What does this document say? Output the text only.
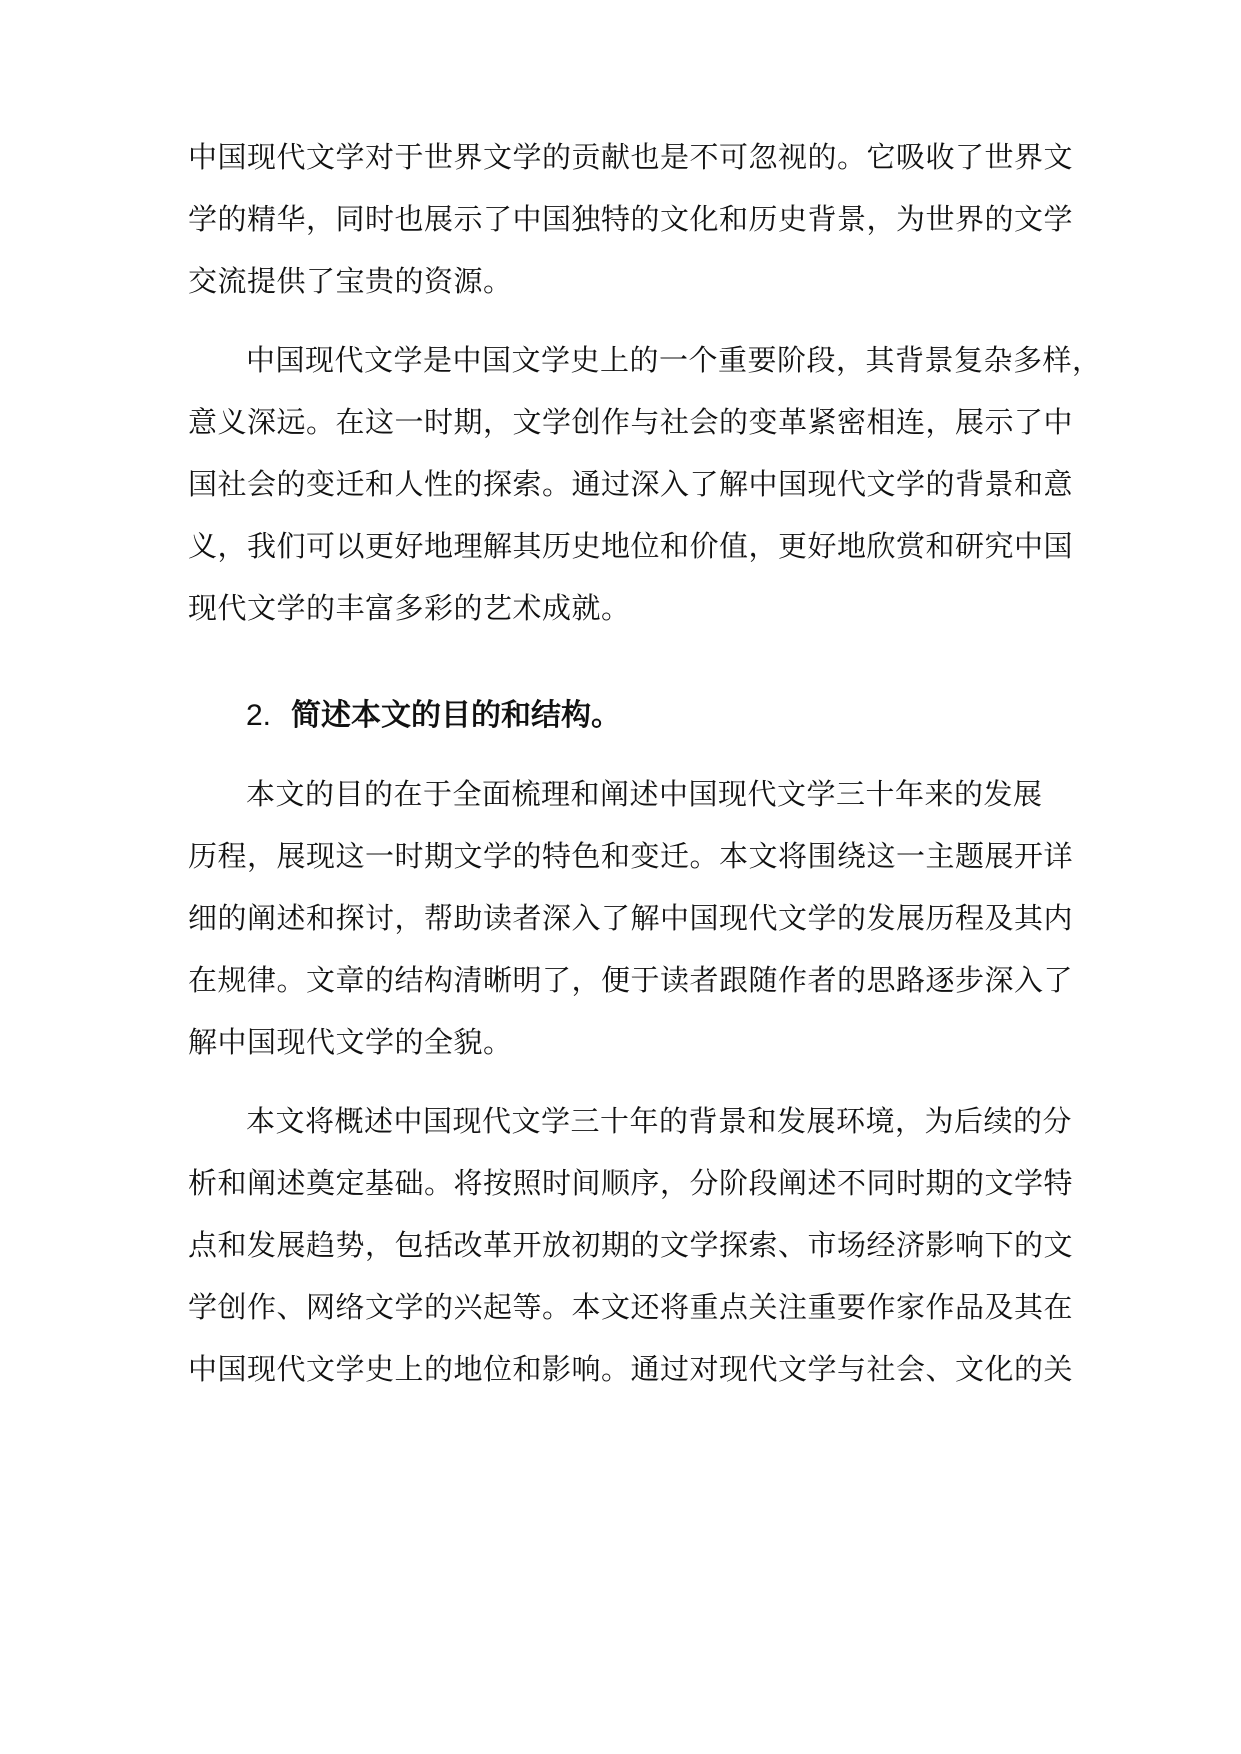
中国现代文学对于世界文学的贡献也是不可忽视的。它吸收了世界文
学的精华，同时也展示了中国独特的文化和历史背景，为世界的文学
交流提供了宝贵的资源。
中国现代文学是中国文学史上的一个重要阶段，其背景复杂多样，
意义深远。在这一时期，文学创作与社会的变革紧密相连，展示了中
国社会的变迁和人性的探索。通过深入了解中国现代文学的背景和意
义，我们可以更好地理解其历史地位和价值，更好地欣赏和研究中国
现代文学的丰富多彩的艺术成就。
2. 简述本文的目的和结构。
本文的目的在于全面梳理和阐述中国现代文学三十年来的发展
历程，展现这一时期文学的特色和变迁。本文将围绕这一主题展开详
细的阐述和探讨，帮助读者深入了解中国现代文学的发展历程及其内
在规律。文章的结构清晰明了，便于读者跟随作者的思路逐步深入了
解中国现代文学的全貌。
本文将概述中国现代文学三十年的背景和发展环境，为后续的分
析和阐述奠定基础。将按照时间顺序，分阶段阐述不同时期的文学特
点和发展趋势，包括改革开放初期的文学探索、市场经济影响下的文
学创作、网络文学的兴起等。本文还将重点关注重要作家作品及其在
中国现代文学史上的地位和影响。通过对现代文学与社会、文化的关
